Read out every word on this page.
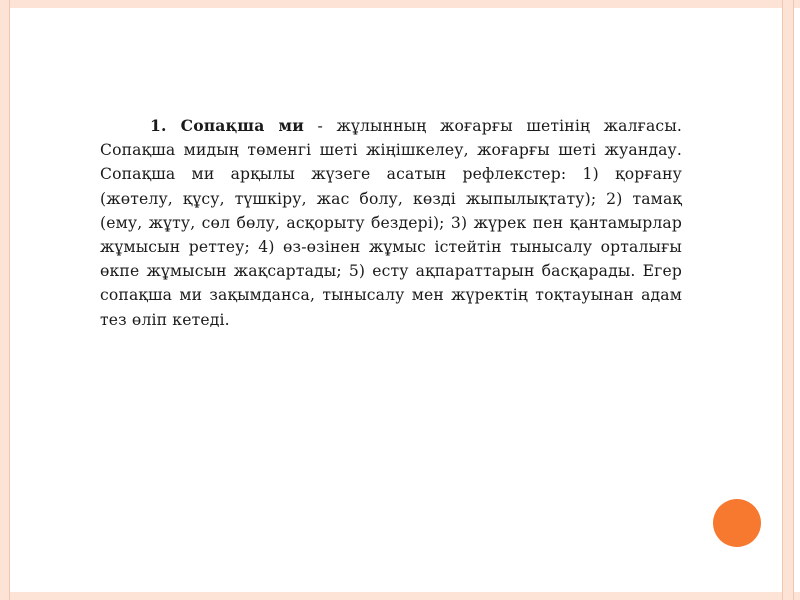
1. Сопақша ми - жұлынның жоғарғы шетінің жалғасы. Сопақша мидың төменгі шеті жіңішкелеу, жоғарғы шеті жуандау. Сопақша ми арқылы жүзеге асатын рефлекстер: 1) қорғану (жөтелу, құсу, түшкіру, жас болу, көзді жыпылықтату); 2) тамақ (ему, жұту, сөл бөлу, асқорыту бездері); 3) жүрек пен қантамырлар жұмысын реттеу; 4) өз-өзінен жұмыс істейтін тынысалу орталығы өкпе жұмысын жақсартады; 5) есту ақпараттарын басқарады. Егер сопақша ми зақымданса, тынысалу мен жүректің тоқтауынан адам тез өліп кетеді.
